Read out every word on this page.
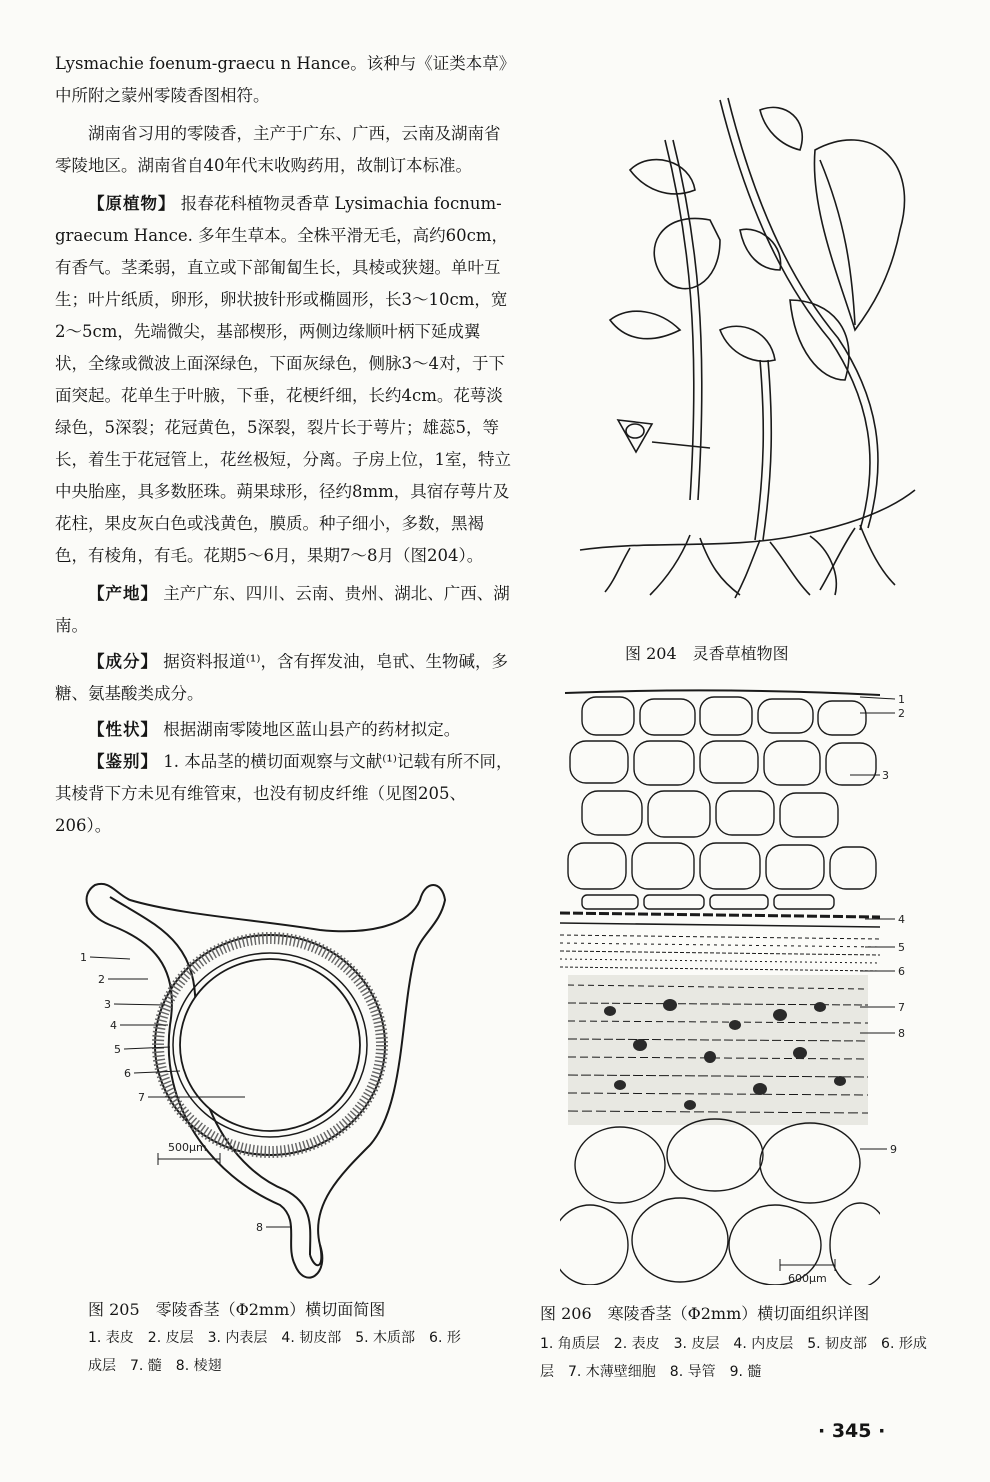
Lysmachie foenum-graecu n Hance。该种与《证类本草》中所附之蒙州零陵香图相符。

湖南省习用的零陵香，主产于广东、广西，云南及湖南省零陵地区。湖南省自40年代末收购药用，故制订本标准。

【原植物】 报春花科植物灵香草 Lysimachia focnum-graecum Hance. 多年生草本。全株平滑无毛，高约60cm，有香气。茎柔弱，直立或下部匍匐生长，具棱或狭翅。单叶互生；叶片纸质，卵形，卵状披针形或椭圆形，长3～10cm，宽2～5cm，先端微尖，基部楔形，两侧边缘顺叶柄下延成翼状，全缘或微波上面深绿色，下面灰绿色，侧脉3～4对，于下面突起。花单生于叶腋，下垂，花梗纤细，长约4cm。花萼淡绿色，5深裂；花冠黄色，5深裂，裂片长于萼片；雄蕊5，等长，着生于花冠管上，花丝极短，分离。子房上位，1室，特立中央胎座，具多数胚珠。蒴果球形，径约8mm，具宿存萼片及花柱，果皮灰白色或浅黄色，膜质。种子细小，多数，黑褐色，有棱角，有毛。花期5～6月，果期7～8月（图204）。

【产地】 主产广东、四川、云南、贵州、湖北、广西、湖南。

【成分】 据资料报道⁽¹⁾，含有挥发油，皂甙、生物碱，多糖、氨基酸类成分。

【性状】 根据湖南零陵地区蓝山县产的药材拟定。

【鉴别】 1. 本品茎的横切面观察与文献⁽¹⁾记载有所不同，其棱背下方未见有维管束，也没有韧皮纤维（见图205、206）。

图 204　灵香草植物图
1
2
3
4
5
6
7
8
500μm
图 205　零陵香茎（Φ2mm）横切面简图
1. 表皮　2. 皮层　3. 内表层　4. 韧皮部　5. 木质部　6. 形成层　7. 髓　8. 棱翅
1
2
3
4
5
6
7
8
9
600μm
图 206　寒陵香茎（Φ2mm）横切面组织详图
1. 角质层　2. 表皮　3. 皮层　4. 内皮层　5. 韧皮部　6. 形成层　7. 木薄壁细胞　8. 导管　9. 髓
· 345 ·
